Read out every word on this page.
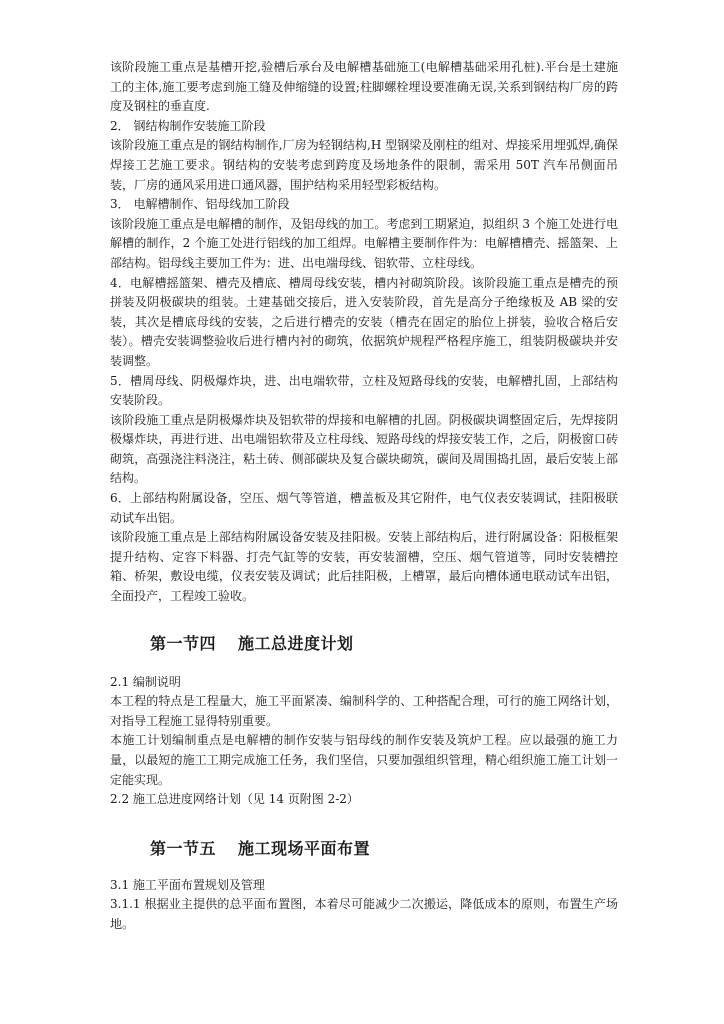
该阶段施工重点是基槽开挖,验槽后承台及电解槽基础施工(电解槽基础采用孔桩).平台是土建施工的主体,施工要考虑到施工缝及伸缩缝的设置;柱脚螺栓埋设要准确无误,关系到钢结构厂房的跨度及钢柱的垂直度.

2． 钢结构制作安装施工阶段

该阶段施工重点是的钢结构制作,厂房为轻钢结构,H 型钢梁及刚柱的组对、焊接采用埋弧焊,确保焊接工艺施工要求。钢结构的安装考虑到跨度及场地条件的限制，需采用 50T 汽车吊侧面吊装，厂房的通风采用进口通风器，围护结构采用轻型彩板结构。

3． 电解槽制作、铝母线加工阶段

该阶段施工重点是电解槽的制作，及铝母线的加工。考虑到工期紧迫，拟组织 3 个施工处进行电解槽的制作，2 个施工处进行铝线的加工组焊。电解槽主要制作件为：电解槽槽壳、摇篮架、上部结构。铝母线主要加工件为：进、出电端母线、铝软带、立柱母线。

4．电解槽摇篮架、槽壳及槽底、槽周母线安装，槽内衬砌筑阶段。该阶段施工重点是槽壳的预拼装及阴极碳块的组装。土建基础交接后，进入安装阶段，首先是高分子绝缘板及 AB 梁的安装，其次是槽底母线的安装，之后进行槽壳的安装（槽壳在固定的胎位上拼装，验收合格后安装）。槽壳安装调整验收后进行槽内衬的砌筑，依据筑炉规程严格程序施工，组装阴极碳块并安装调整。

5．槽周母线、阴极爆炸块，进、出电端软带，立柱及短路母线的安装，电解槽扎固，上部结构安装阶段。

该阶段施工重点是阴极爆炸块及铝软带的焊接和电解槽的扎固。阴极碳块调整固定后，先焊接阴极爆炸块，再进行进、出电端铝软带及立柱母线、短路母线的焊接安装工作，之后，阴极窗口砖砌筑，高强浇注料浇注，粘土砖、侧部碳块及复合碳块砌筑，碳间及周围捣扎固，最后安装上部结构。

6．上部结构附属设备，空压、烟气等管道，槽盖板及其它附件，电气仪表安装调试，挂阳极联动试车出铝。

该阶段施工重点是上部结构附属设备安装及挂阳极。安装上部结构后，进行附属设备：阳极框架提升结构、定容下料器、打壳气缸等的安装，再安装溜槽，空压、烟气管道等，同时安装槽控箱、桥架，敷设电缆，仪表安装及调试；此后挂阳极，上槽罩，最后向槽体通电联动试车出铝，全面投产，工程竣工验收。

第一节四 施工总进度计划

2.1 编制说明

本工程的特点是工程量大，施工平面紧凑、编制科学的、工种搭配合理，可行的施工网络计划，对指导工程施工显得特别重要。

本施工计划编制重点是电解槽的制作安装与铝母线的制作安装及筑炉工程。应以最强的施工力量，以最短的施工工期完成施工任务，我们坚信，只要加强组织管理，精心组织施工施工计划一定能实现。

2.2 施工总进度网络计划（见 14 页附图 2-2）

第一节五 施工现场平面布置

3.1 施工平面布置规划及管理

3.1.1 根据业主提供的总平面布置图，本着尽可能减少二次搬运，降低成本的原则，布置生产场地。
